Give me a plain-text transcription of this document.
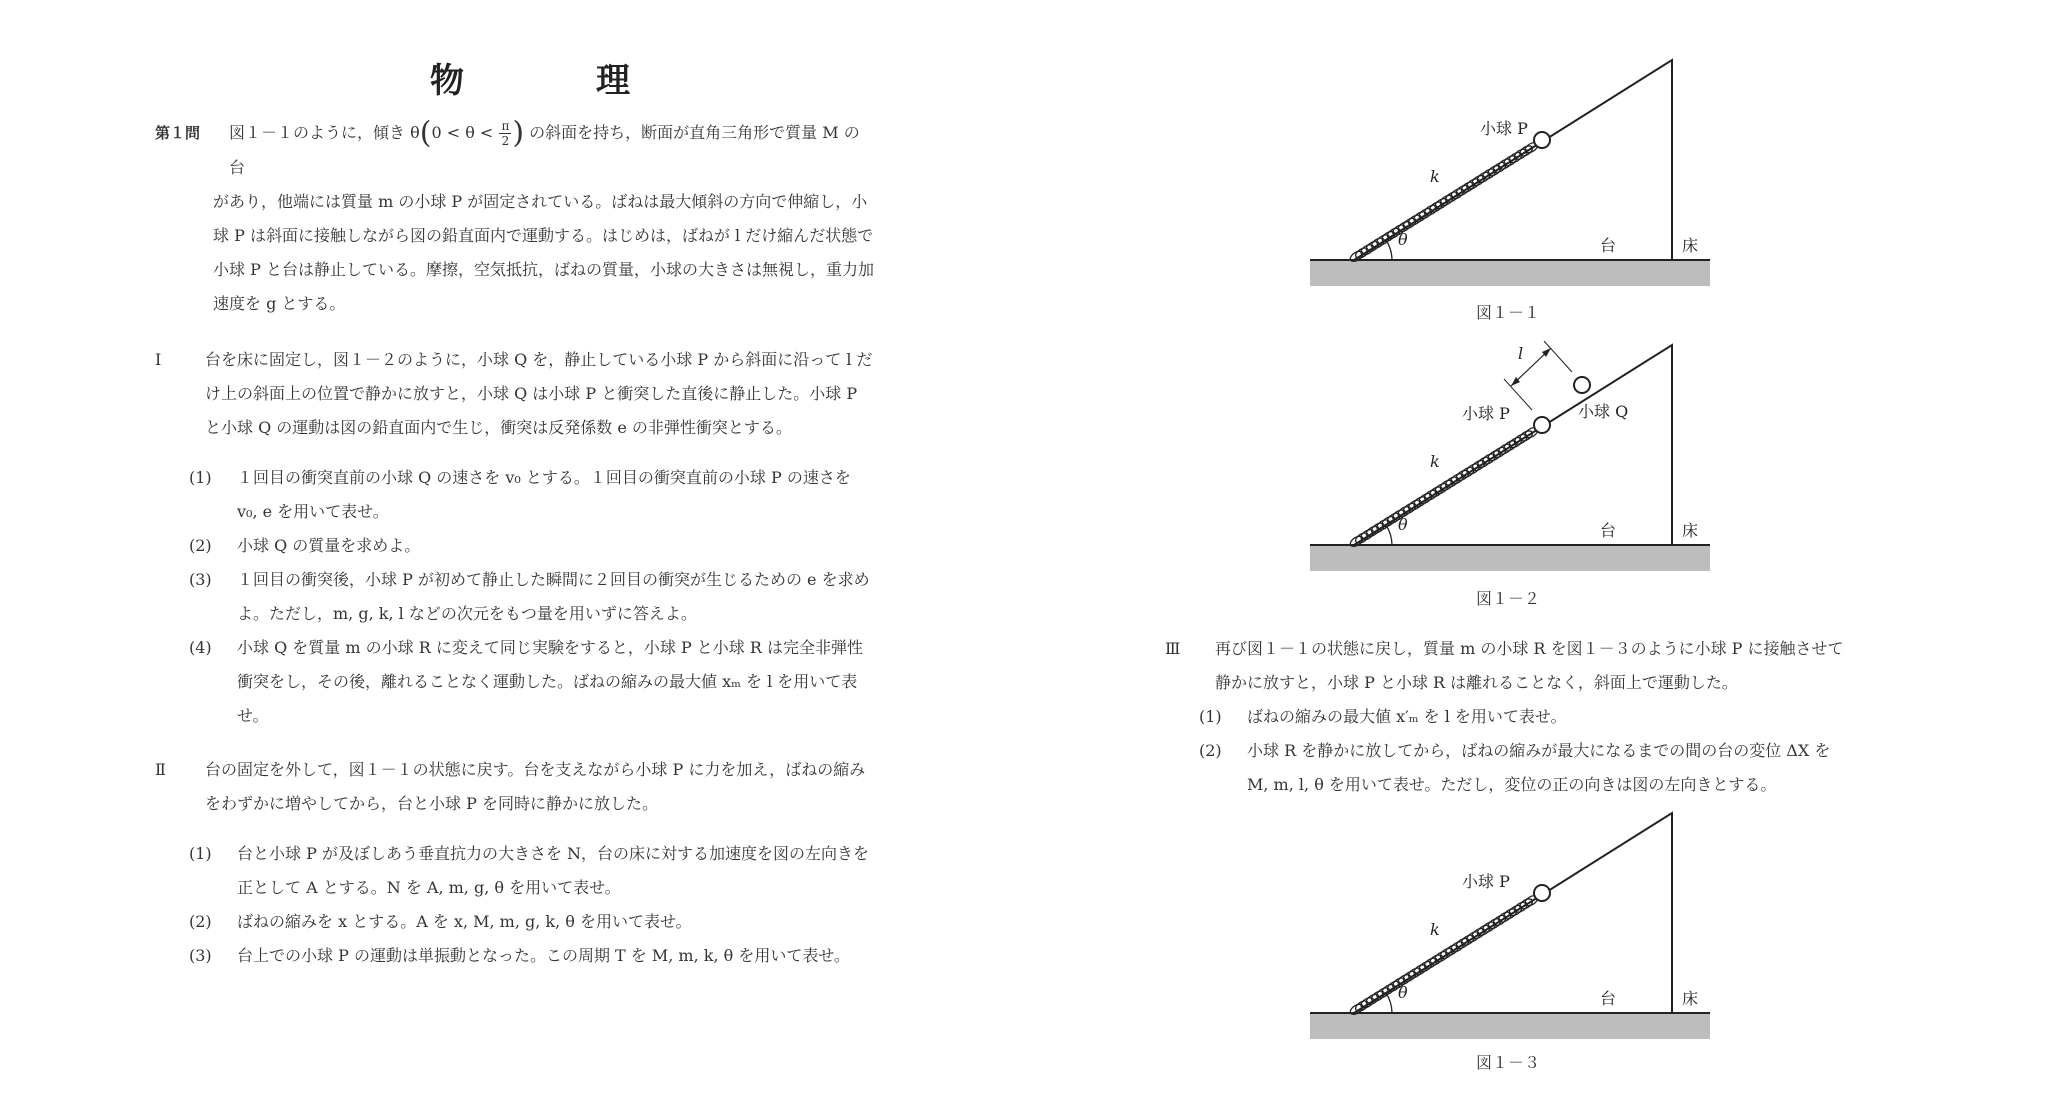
物	理
第１問	図１－１のように，傾き $\theta(0 < \theta < \frac{\pi}{2}$ ) の斜面を持ち，断面が直角三角形で質量 M の台

があり，他端には質量 m の小球 P が固定されている。ばねは最大傾斜の方向で伸縮し，小球 P は斜面に接触しながら図の鉛直面内で運動する。はじめは，ばねが l だけ縮んだ状態で小球 P と台は静止している。摩擦，空気抵抗，ばねの質量，小球の大きさは無視し，重力加速度を g とする。

Ⅰ	台を床に固定し，図１－２のように，小球 Q を，静止している小球 P から斜面に沿って l だけ上の斜面上の位置で静かに放すと，小球 Q は小球 P と衝突した直後に静止した。小球 P と小球 Q の運動は図の鉛直面内で生じ，衝突は反発係数 e の非弾性衝突とする。

(1) １回目の衝突直前の小球 Q の速さを v₀ とする。１回目の衝突直前の小球 P の速さを v₀, e を用いて表せ。

(2) 小球 Q の質量を求めよ。

(3) １回目の衝突後，小球 P が初めて静止した瞬間に２回目の衝突が生じるための e を求めよ。ただし，m, g, k, l などの次元をもつ量を用いずに答えよ。

(4) 小球 Q を質量 m の小球 R に変えて同じ実験をすると，小球 P と小球 R は完全非弾性衝突をし，その後，離れることなく運動した。ばねの縮みの最大値 xₘ を l を用いて表せ。

Ⅱ	台の固定を外して，図１－１の状態に戻す。台を支えながら小球 P に力を加え，ばねの縮みをわずかに増やしてから，台と小球 P を同時に静かに放した。

(1) 台と小球 P が及ぼしあう垂直抗力の大きさを N，台の床に対する加速度を図の左向きを正として A とする。N を A, m, g, θ を用いて表せ。

(2) ばねの縮みを x とする。A を x, M, m, g, k, θ を用いて表せ。

(3) 台上での小球 P の運動は単振動となった。この周期 T を M, m, k, θ を用いて表せ。

小球 P
k
θ	台	床
図１－１
l
小球 P	小球 Q
k
θ	台	床
図１－２
Ⅲ	再び図１－１の状態に戻し，質量 m の小球 R を図１－３のように小球 P に接触させて静かに放すと，小球 P と小球 R は離れることなく，斜面上で運動した。

(1) ばねの縮みの最大値 x′ₘ を l を用いて表せ。

(2) 小球 R を静かに放してから，ばねの縮みが最大になるまでの間の台の変位 ΔX を M, m, l, θ を用いて表せ。ただし，変位の正の向きは図の左向きとする。

小球 P
k
θ	台	床
図１－３
